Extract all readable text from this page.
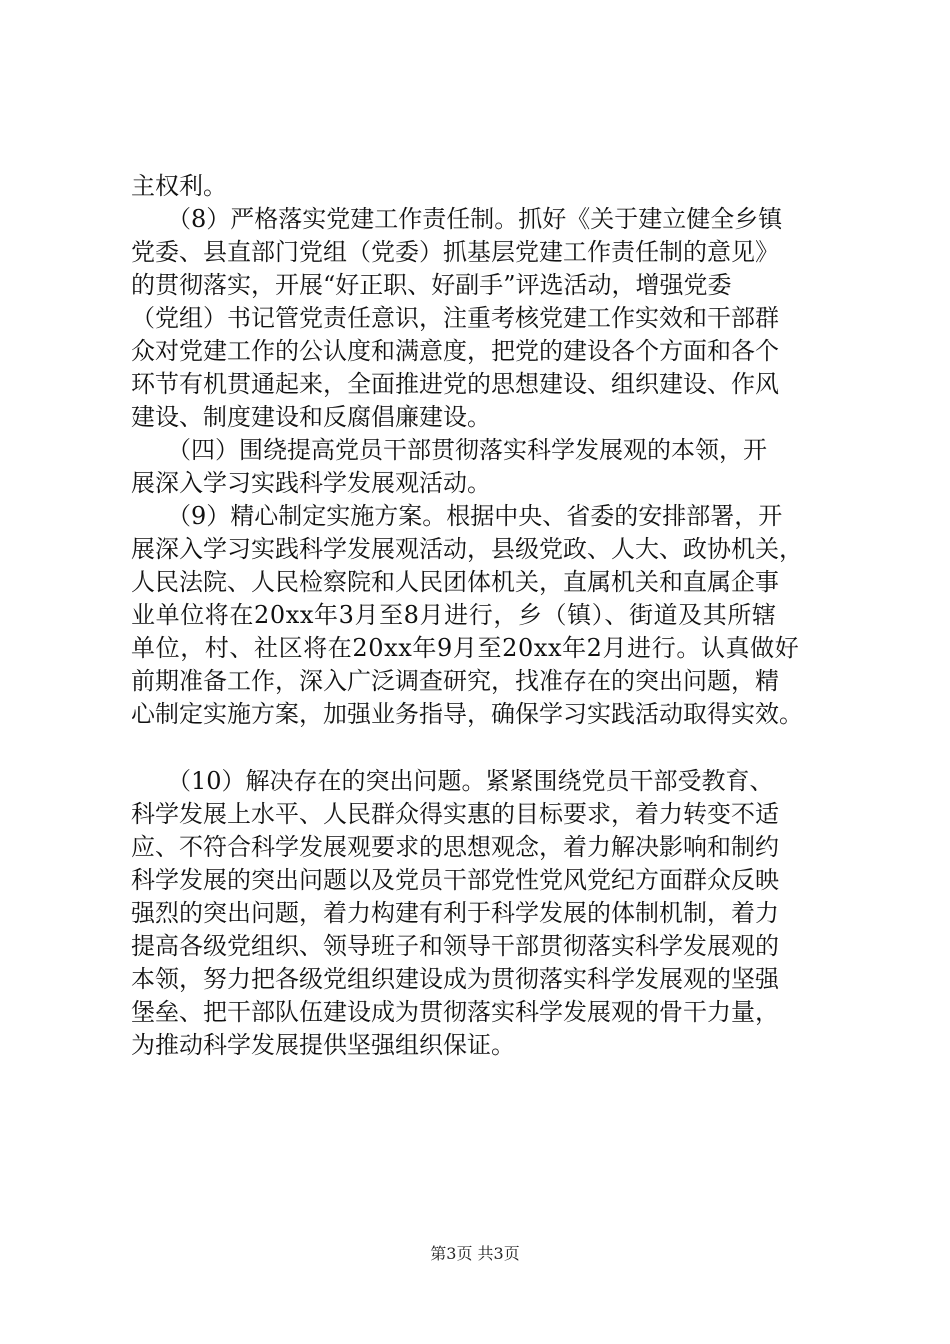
主权利。
　　（8）严格落实党建工作责任制。抓好《关于建立健全乡镇
党委、县直部门党组（党委）抓基层党建工作责任制的意见》
的贯彻落实，开展“好正职、好副手”评选活动，增强党委
（党组）书记管党责任意识，注重考核党建工作实效和干部群
众对党建工作的公认度和满意度，把党的建设各个方面和各个
环节有机贯通起来，全面推进党的思想建设、组织建设、作风
建设、制度建设和反腐倡廉建设。
　　（四）围绕提高党员干部贯彻落实科学发展观的本领，开
展深入学习实践科学发展观活动。
　　（9）精心制定实施方案。根据中央、省委的安排部署，开
展深入学习实践科学发展观活动，县级党政、人大、政协机关，
人民法院、人民检察院和人民团体机关，直属机关和直属企事
业单位将在20xx年3月至8月进行，乡（镇）、街道及其所辖
单位，村、社区将在20xx年9月至20xx年2月进行。认真做好
前期准备工作，深入广泛调查研究，找准存在的突出问题，精
心制定实施方案，加强业务指导，确保学习实践活动取得实效。
　　（10）解决存在的突出问题。紧紧围绕党员干部受教育、
科学发展上水平、人民群众得实惠的目标要求，着力转变不适
应、不符合科学发展观要求的思想观念，着力解决影响和制约
科学发展的突出问题以及党员干部党性党风党纪方面群众反映
强烈的突出问题，着力构建有利于科学发展的体制机制，着力
提高各级党组织、领导班子和领导干部贯彻落实科学发展观的
本领，努力把各级党组织建设成为贯彻落实科学发展观的坚强
堡垒、把干部队伍建设成为贯彻落实科学发展观的骨干力量，
为推动科学发展提供坚强组织保证。
第3页 共3页
